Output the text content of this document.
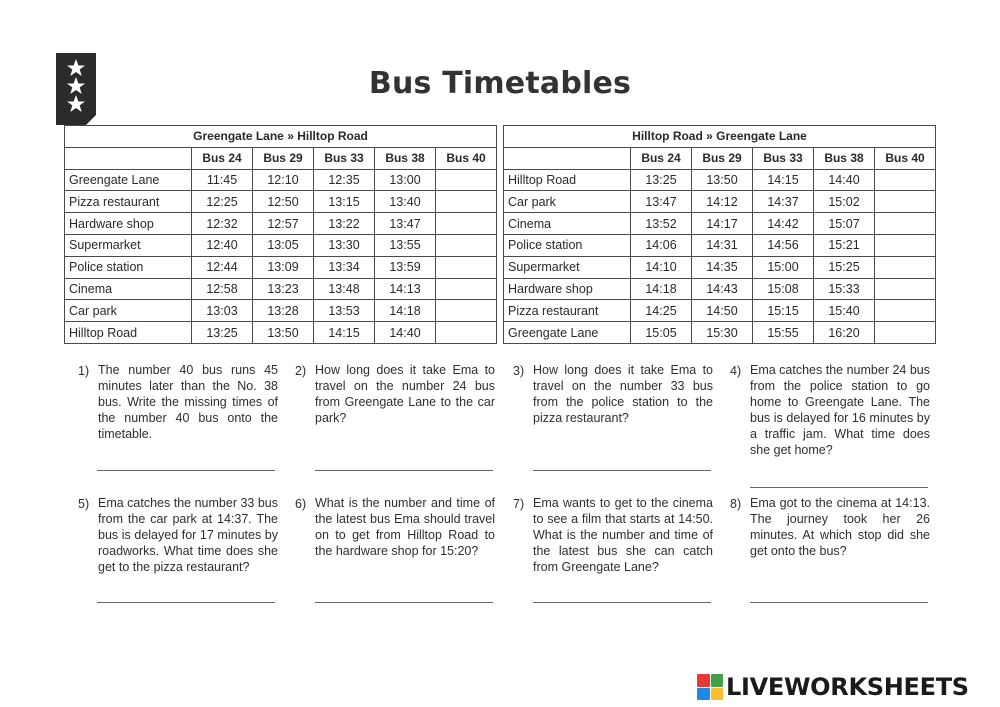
Bus Timetables
Greengate Lane » Hilltop Road					
	Bus 24	Bus 29	Bus 33	Bus 38	Bus 40
Greengate Lane	11:45	12:10	12:35	13:00	
Pizza restaurant	12:25	12:50	13:15	13:40	
Hardware shop	12:32	12:57	13:22	13:47	
Supermarket	12:40	13:05	13:30	13:55	
Police station	12:44	13:09	13:34	13:59	
Cinema	12:58	13:23	13:48	14:13	
Car park	13:03	13:28	13:53	14:18	
Hilltop Road	13:25	13:50	14:15	14:40	
Hilltop Road » Greengate Lane					
	Bus 24	Bus 29	Bus 33	Bus 38	Bus 40
Hilltop Road	13:25	13:50	14:15	14:40	
Car park	13:47	14:12	14:37	15:02	
Cinema	13:52	14:17	14:42	15:07	
Police station	14:06	14:31	14:56	15:21	
Supermarket	14:10	14:35	15:00	15:25	
Hardware shop	14:18	14:43	15:08	15:33	
Pizza restaurant	14:25	14:50	15:15	15:40	
Greengate Lane	15:05	15:30	15:55	16:20	
1) The number 40 bus runs 45 minutes later than the No. 38 bus. Write the missing times of the number 40 bus onto the timetable.
2) How long does it take Ema to travel on the number 24 bus from Greengate Lane to the car park?
3) How long does it take Ema to travel on the number 33 bus from the police station to the pizza restaurant?
4) Ema catches the number 24 bus from the police station to go home to Greengate Lane. The bus is delayed for 16 minutes by a traffic jam. What time does she get home?
5) Ema catches the number 33 bus from the car park at 14:37. The bus is delayed for 17 minutes by roadworks. What time does she get to the pizza restaurant?
6) What is the number and time of the latest bus Ema should travel on to get from Hilltop Road to the hardware shop for 15:20?
7) Ema wants to get to the cinema to see a film that starts at 14:50. What is the number and time of the latest bus she can catch from Greengate Lane?
8) Ema got to the cinema at 14:13. The journey took her 26 minutes. At which stop did she get onto the bus?
LIVEWORKSHEETS
